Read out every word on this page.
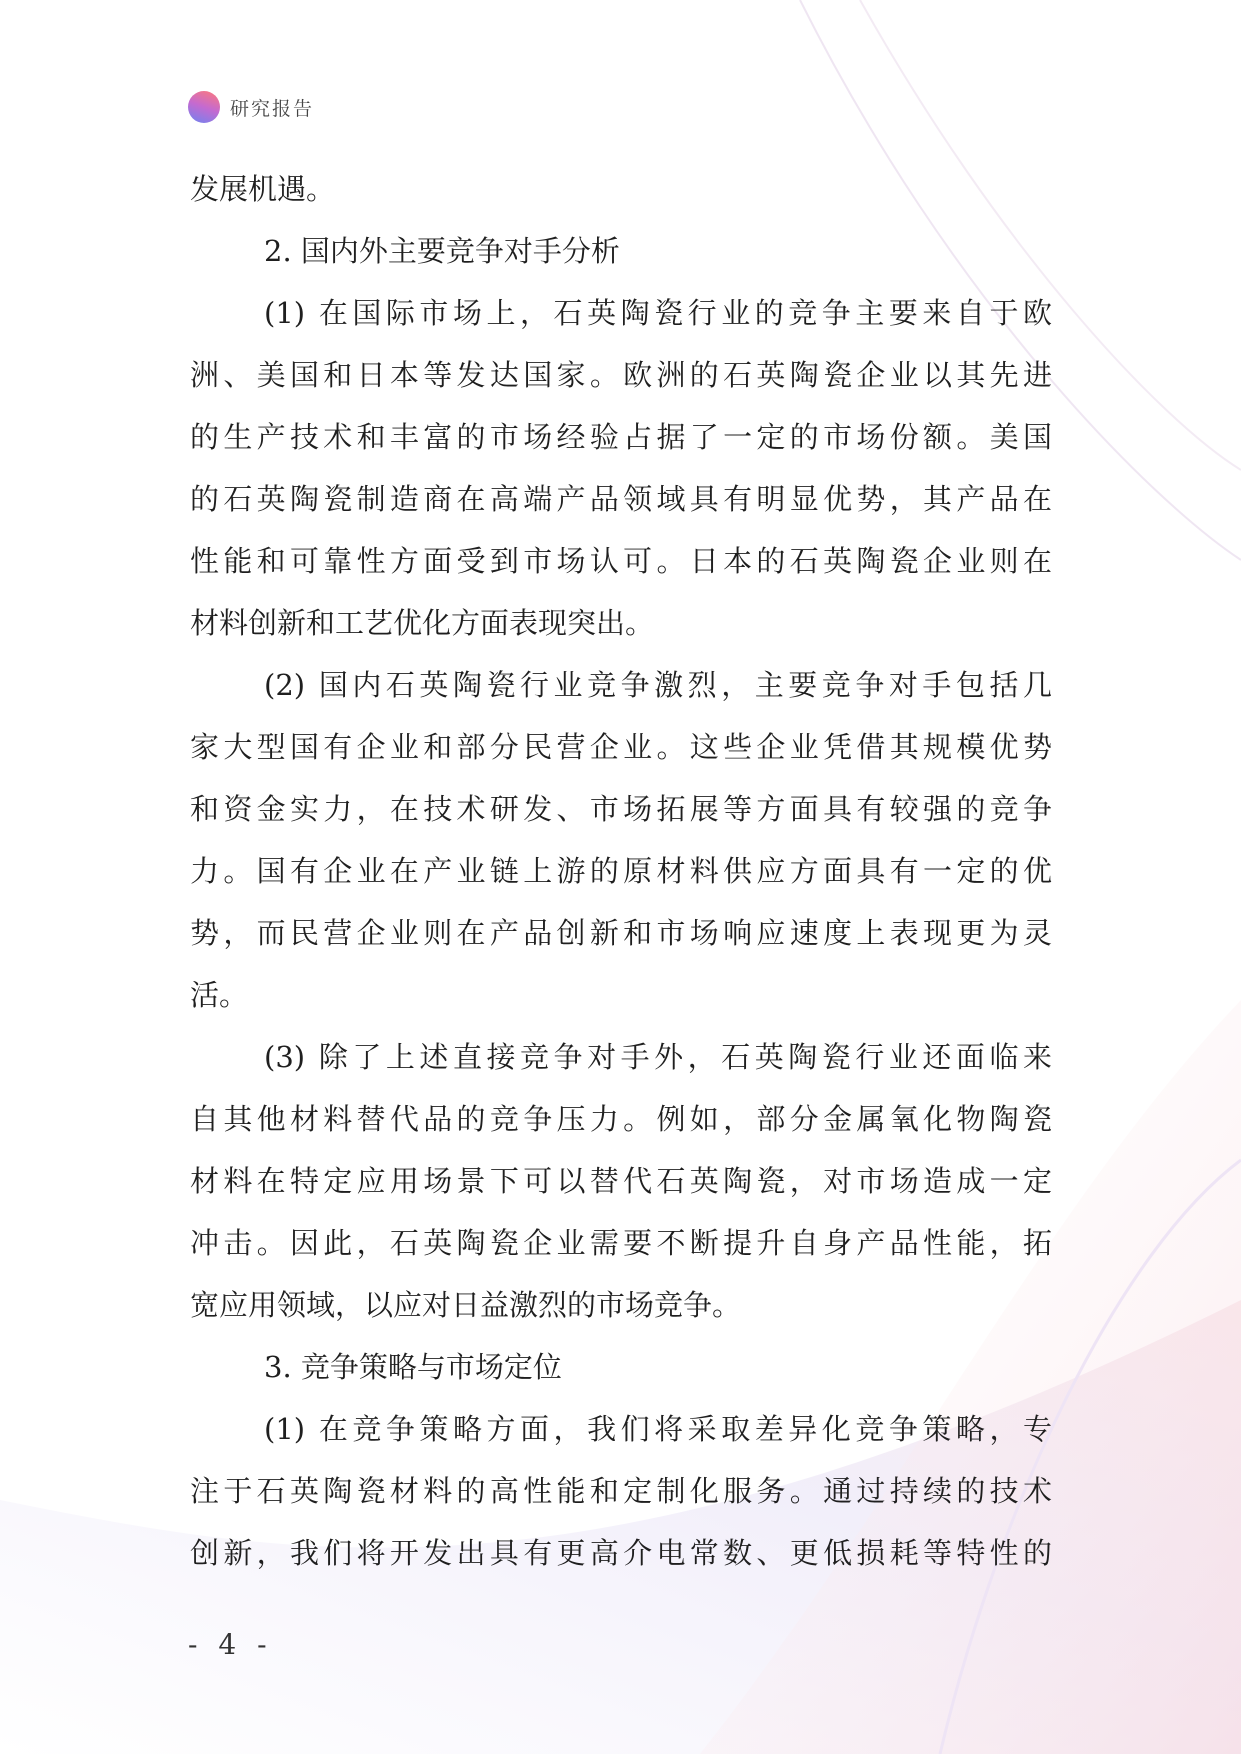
研究报告
发展机遇。
2. 国内外主要竞争对手分析
(1) 在国际市场上，石英陶瓷行业的竞争主要来自于欧
洲、美国和日本等发达国家。欧洲的石英陶瓷企业以其先进
的生产技术和丰富的市场经验占据了一定的市场份额。美国
的石英陶瓷制造商在高端产品领域具有明显优势，其产品在
性能和可靠性方面受到市场认可。日本的石英陶瓷企业则在
材料创新和工艺优化方面表现突出。
(2) 国内石英陶瓷行业竞争激烈，主要竞争对手包括几
家大型国有企业和部分民营企业。这些企业凭借其规模优势
和资金实力，在技术研发、市场拓展等方面具有较强的竞争
力。国有企业在产业链上游的原材料供应方面具有一定的优
势，而民营企业则在产品创新和市场响应速度上表现更为灵
活。
(3) 除了上述直接竞争对手外，石英陶瓷行业还面临来
自其他材料替代品的竞争压力。例如，部分金属氧化物陶瓷
材料在特定应用场景下可以替代石英陶瓷，对市场造成一定
冲击。因此，石英陶瓷企业需要不断提升自身产品性能，拓
宽应用领域，以应对日益激烈的市场竞争。
3. 竞争策略与市场定位
(1) 在竞争策略方面，我们将采取差异化竞争策略，专
注于石英陶瓷材料的高性能和定制化服务。通过持续的技术
创新，我们将开发出具有更高介电常数、更低损耗等特性的
- 4 -
